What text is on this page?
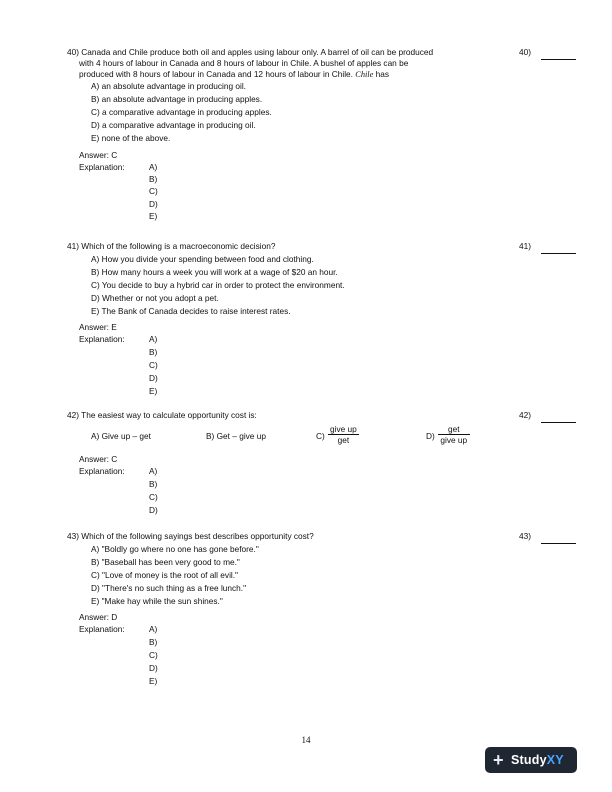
40) Canada and Chile produce both oil and apples using labour only. A barrel of oil can be produced
with 4 hours of labour in Canada and 8 hours of labour in Chile. A bushel of apples can be
produced with 8 hours of labour in Canada and 12 hours of labour in Chile. Chile has
A) an absolute advantage in producing oil.
B) an absolute advantage in producing apples.
C) a comparative advantage in producing apples.
D) a comparative advantage in producing oil.
E) none of the above.
Answer: C
Explanation:	A)
B)
C)
D)
E)
40)
41) Which of the following is a macroeconomic decision?
A) How you divide your spending between food and clothing.
B) How many hours a week you will work at a wage of $20 an hour.
C) You decide to buy a hybrid car in order to protect the environment.
D) Whether or not you adopt a pet.
E) The Bank of Canada decides to raise interest rates.
Answer: E
Explanation:	A)
B)
C)
D)
E)
41)
42) The easiest way to calculate opportunity cost is:
A) Give up – get	B) Get – give up	C)
give up
get	D)
get
give up
Answer: C
Explanation:	A)
B)
C)
D)
42)
43) Which of the following sayings best describes opportunity cost?
A) "Boldly go where no one has gone before."
B) "Baseball has been very good to me."
C) "Love of money is the root of all evil."
D) "There's no such thing as a free lunch."
E) "Make hay while the sun shines."
Answer: D
Explanation:	A)
B)
C)
D)
E)
43)
14
+ StudyXY
